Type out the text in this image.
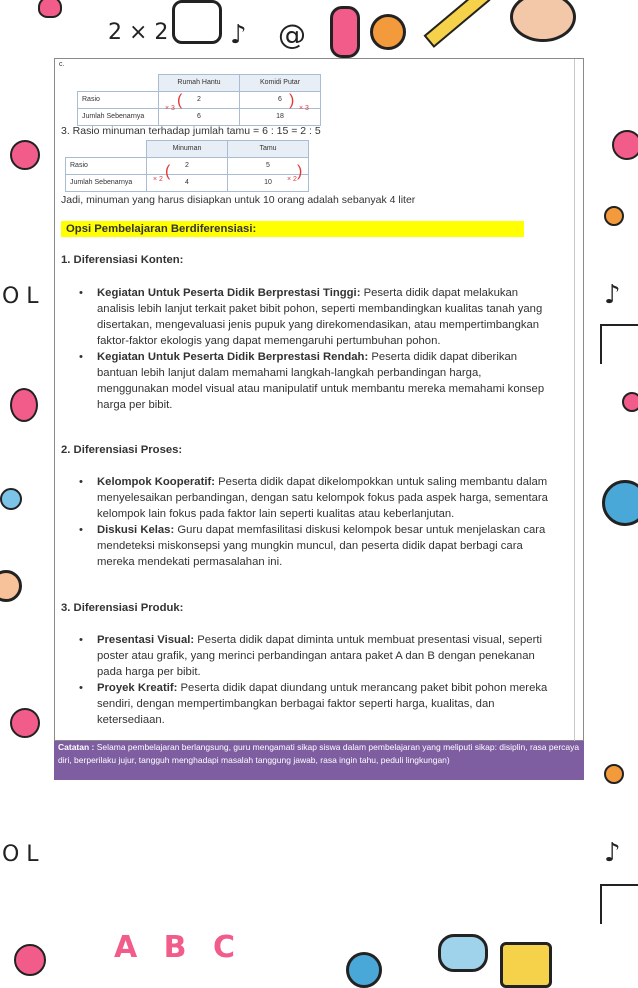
2 × 2	@
♪
O L
O L
♪
♪
A B C
c.
	Rumah Hantu	Komidi Putar
Rasio	2	6
Jumlah Sebenarnya	6	18
× 3 (	) × 3
3. Rasio minuman terhadap jumlah tamu = 6 : 15 = 2 : 5
	Minuman	Tamu
Rasio	2	5
Jumlah Sebenarnya	4	10
× 2 (	)
× 2
Jadi, minuman yang harus disiapkan untuk 10 orang adalah sebanyak 4 liter
Opsi Pembelajaran Berdiferensiasi:
1. Diferensiasi Konten:
• Kegiatan Untuk Peserta Didik Berprestasi Tinggi: Peserta didik dapat melakukan analisis lebih lanjut terkait paket bibit pohon, seperti membandingkan kualitas tanah yang disertakan, mengevaluasi jenis pupuk yang direkomendasikan, atau mempertimbangkan faktor-faktor ekologis yang dapat memengaruhi pertumbuhan pohon.
• Kegiatan Untuk Peserta Didik Berprestasi Rendah: Peserta didik dapat diberikan bantuan lebih lanjut dalam memahami langkah-langkah perbandingan harga, menggunakan model visual atau manipulatif untuk membantu mereka memahami konsep harga per bibit.
2. Diferensiasi Proses:
• Kelompok Kooperatif: Peserta didik dapat dikelompokkan untuk saling membantu dalam menyelesaikan perbandingan, dengan satu kelompok fokus pada aspek harga, sementara kelompok lain fokus pada faktor lain seperti kualitas atau keberlanjutan.
• Diskusi Kelas: Guru dapat memfasilitasi diskusi kelompok besar untuk menjelaskan cara mendeteksi miskonsepsi yang mungkin muncul, dan peserta didik dapat berbagi cara mereka mendekati permasalahan ini.
3. Diferensiasi Produk:
• Presentasi Visual: Peserta didik dapat diminta untuk membuat presentasi visual, seperti poster atau grafik, yang merinci perbandingan antara paket A dan B dengan penekanan pada harga per bibit.
• Proyek Kreatif: Peserta didik dapat diundang untuk merancang paket bibit pohon mereka sendiri, dengan mempertimbangkan berbagai faktor seperti harga, kualitas, dan ketersediaan.
Catatan : Selama pembelajaran berlangsung, guru mengamati sikap siswa dalam pembelajaran yang meliputi sikap: disiplin, rasa percaya diri, berperilaku jujur, tangguh menghadapi masalah tanggung jawab, rasa ingin tahu, peduli lingkungan)
